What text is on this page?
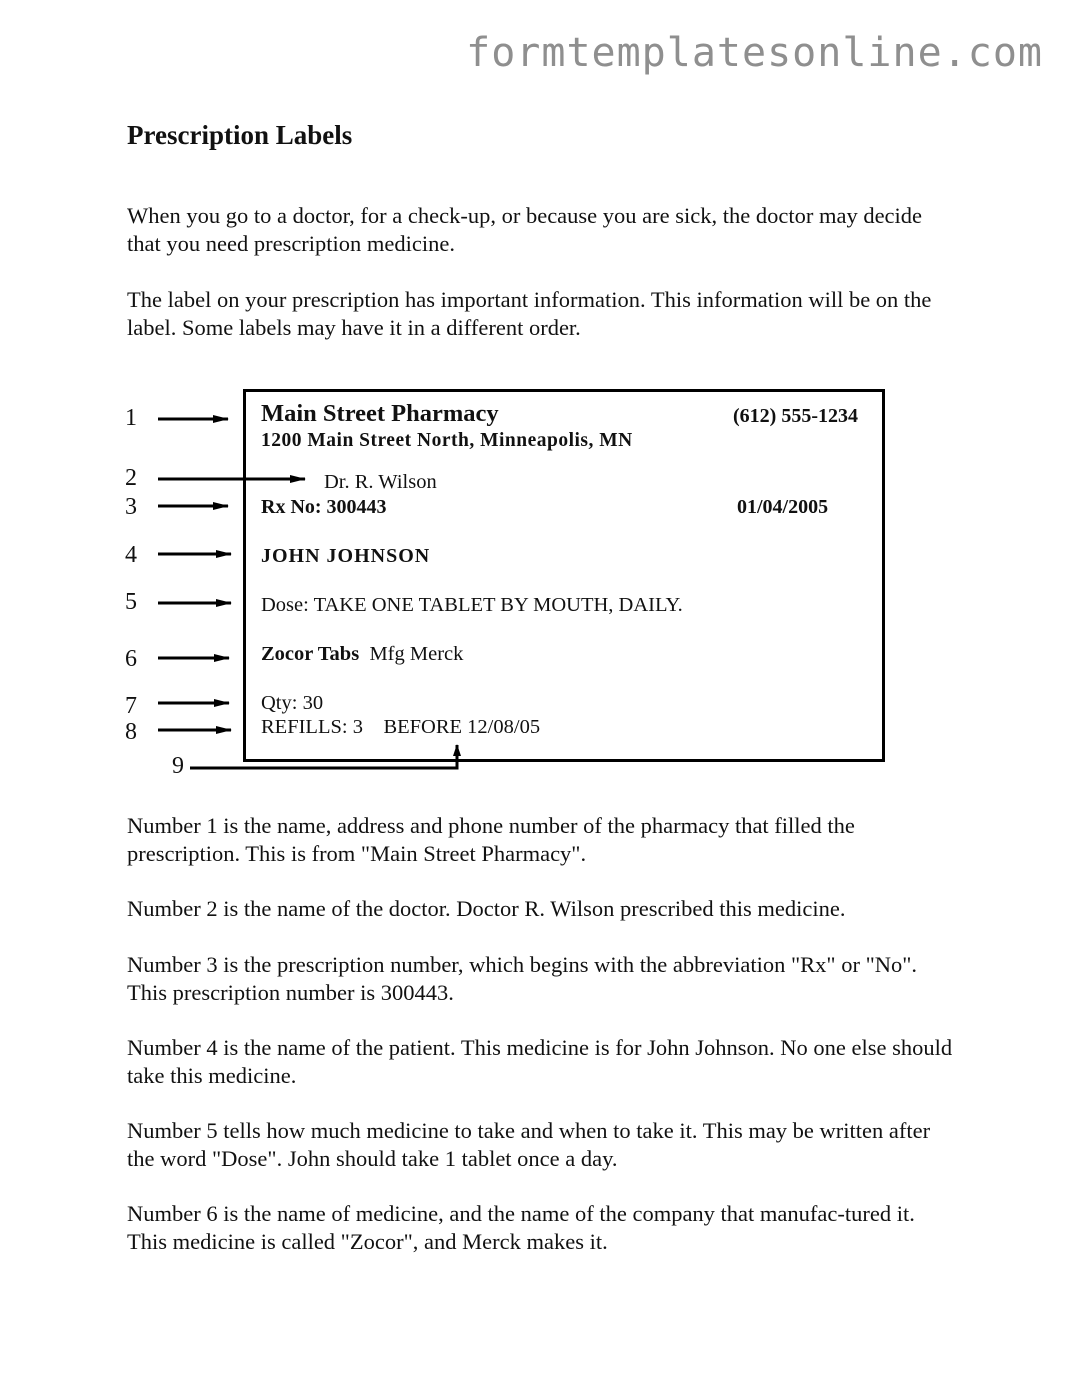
formtemplatesonline.com
Prescription Labels

When you go to a doctor, for a check-up, or because you are sick, the doctor may decide that you need prescription medicine.

The label on your prescription has important information. This information will be on the label. Some labels may have it in a different order.

1
2
3
4
5
6
7
8
9
Main Street Pharmacy	(612) 555-1234
1200 Main Street North, Minneapolis, MN
Dr. R. Wilson
Rx No: 300443	01/04/2005
JOHN JOHNSON
Dose: TAKE ONE TABLET BY MOUTH, DAILY.
Zocor Tabs Mfg Merck
Qty: 30
REFILLS: 3 BEFORE 12/08/05

Number 1 is the name, address and phone number of the pharmacy that filled the prescription. This is from "Main Street Pharmacy".

Number 2 is the name of the doctor. Doctor R. Wilson prescribed this medicine.

Number 3 is the prescription number, which begins with the abbreviation "Rx" or "No". This prescription number is 300443.

Number 4 is the name of the patient. This medicine is for John Johnson. No one else should take this medicine.

Number 5 tells how much medicine to take and when to take it. This may be written after the word "Dose". John should take 1 tablet once a day.

Number 6 is the name of medicine, and the name of the company that manufac-tured it. This medicine is called "Zocor", and Merck makes it.
